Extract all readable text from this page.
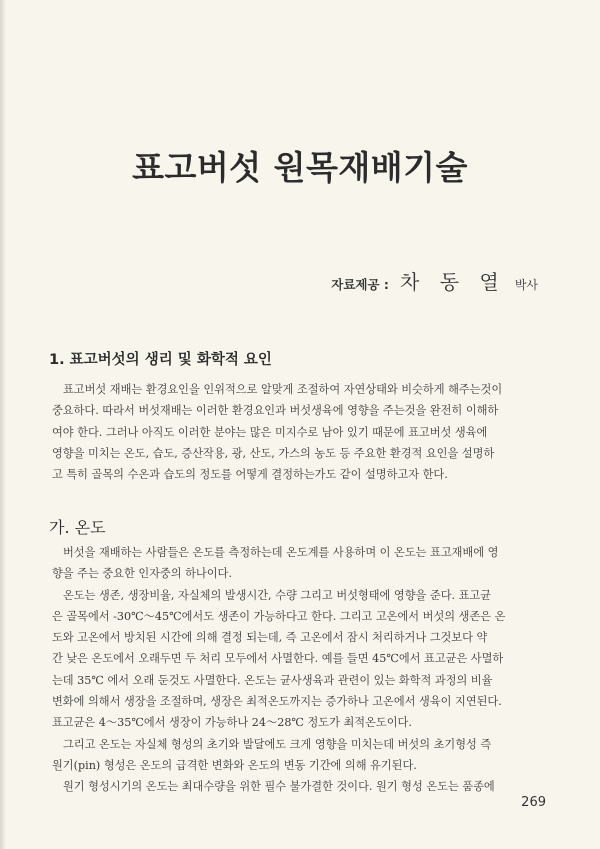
표고버섯 원목재배기술
자료제공 : 차 동 열 박사
1. 표고버섯의 생리 및 화학적 요인
표고버섯 재배는 환경요인을 인위적으로 알맞게 조절하여 자연상태와 비슷하게 해주는것이
중요하다. 따라서 버섯재배는 이러한 환경요인과 버섯생육에 영향을 주는것을 완전히 이해하
여야 한다. 그러나 아직도 이러한 분야는 많은 미지수로 남아 있기 때문에 표고버섯 생육에
영향을 미치는 온도, 습도, 증산작용, 광, 산도, 가스의 농도 등 주요한 환경적 요인을 설명하
고 특히 골목의 수온과 습도의 정도를 어떻게 결정하는가도 같이 설명하고자 한다.
가. 온도
버섯을 재배하는 사람들은 온도를 측정하는데 온도계를 사용하며 이 온도는 표고재배에 영
향을 주는 중요한 인자중의 하나이다.
온도는 생존, 생장비율, 자실체의 발생시간, 수량 그리고 버섯형태에 영향을 준다. 표고균
은 골목에서 -30℃～45℃에서도 생존이 가능하다고 한다. 그리고 고온에서 버섯의 생존은 온
도와 고온에서 방치된 시간에 의해 결정 되는데, 즉 고온에서 잠시 처리하거나 그것보다 약
간 낮은 온도에서 오래두면 두 처리 모두에서 사멸한다. 예를 들면 45℃에서 표고균은 사멸하
는데 35℃ 에서 오래 둔것도 사멸한다. 온도는 균사생육과 관련이 있는 화학적 과정의 비율
변화에 의해서 생장을 조절하며, 생장은 최적온도까지는 증가하나 고온에서 생육이 지연된다.
표고균은 4～35℃에서 생장이 가능하나 24～28℃ 정도가 최적온도이다.
그리고 온도는 자실체 형성의 초기와 발달에도 크게 영향을 미치는데 버섯의 초기형성 즉
원기(pin) 형성은 온도의 급격한 변화와 온도의 변동 기간에 의해 유기된다.
원기 형성시기의 온도는 최대수량을 위한 필수 불가결한 것이다. 원기 형성 온도는 품종에
269
